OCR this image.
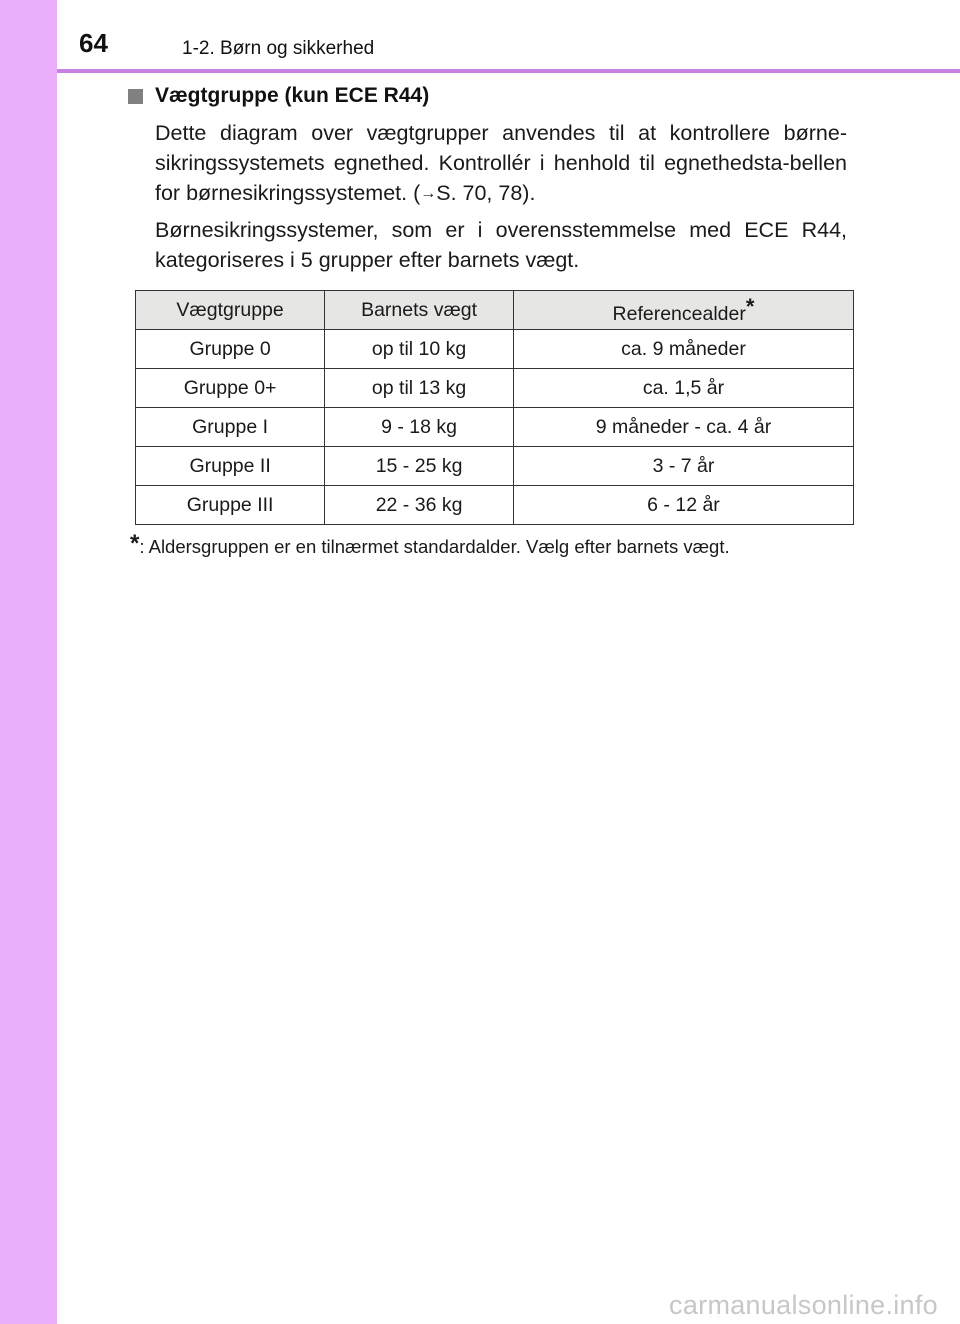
64	1-2. Børn og sikkerhed
Vægtgruppe (kun ECE R44)
Dette diagram over vægtgrupper anvendes til at kontrollere børne-sikringssystemets egnethed. Kontrollér i henhold til egnethedsta-bellen for børnesikringssystemet. (→S. 70, 78).
Børnesikringssystemer, som er i overensstemmelse med ECE R44, kategoriseres i 5 grupper efter barnets vægt.
Vægtgruppe	Barnets vægt	Referencealder*
Gruppe 0	op til 10 kg	ca. 9 måneder
Gruppe 0+	op til 13 kg	ca. 1,5 år
Gruppe I	9 - 18 kg	9 måneder - ca. 4 år
Gruppe II	15 - 25 kg	3 - 7 år
Gruppe III	22 - 36 kg	6 - 12 år
*: Aldersgruppen er en tilnærmet standardalder. Vælg efter barnets vægt.
carmanualsonline.info
